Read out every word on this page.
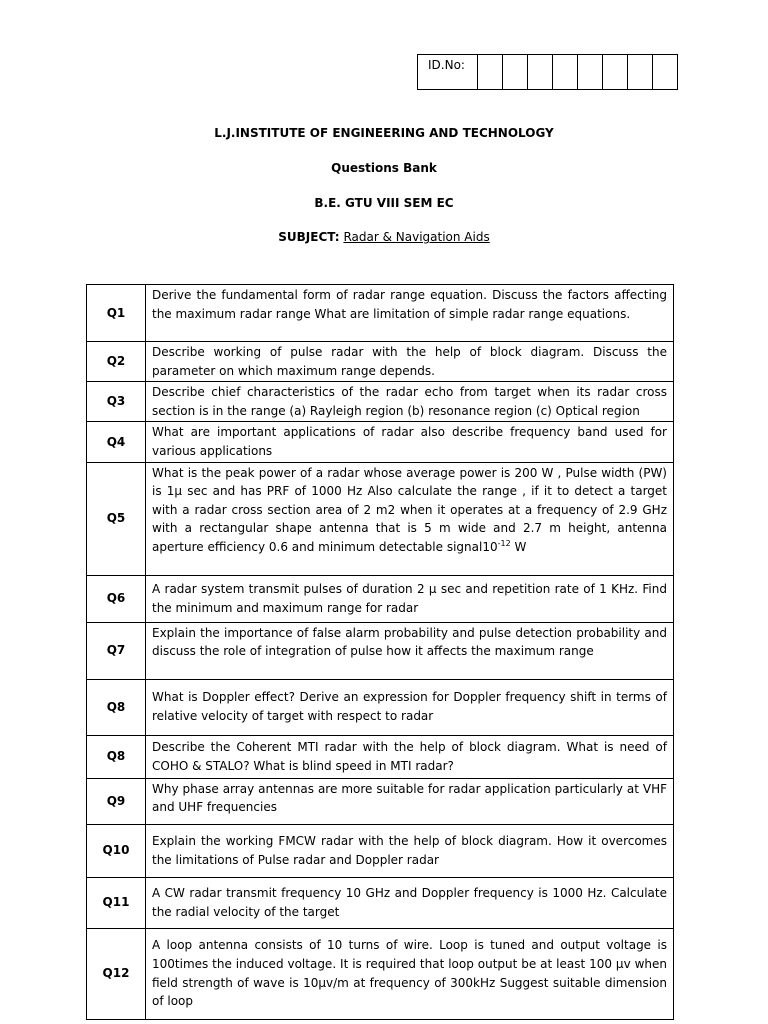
ID.No:								
L.J.INSTITUTE OF ENGINEERING AND TECHNOLOGY
Questions Bank
B.E. GTU VIII SEM EC
SUBJECT: Radar & Navigation Aids
Q1	Derive the fundamental form of radar range equation. Discuss the factors affecting the maximum radar range What are limitation of simple radar range equations.
Q2	Describe working of pulse radar with the help of block diagram. Discuss the parameter on which maximum range depends.
Q3	Describe chief characteristics of the radar echo from target when its radar cross section is in the range (a) Rayleigh region (b) resonance region (c) Optical region
Q4	What are important applications of radar also describe frequency band used for various applications
Q5	What is the peak power of a radar whose average power is 200 W , Pulse width (PW) is 1μ sec and has PRF of 1000 Hz Also calculate the range , if it to detect a target with a radar cross section area of 2 m2 when it operates at a frequency of 2.9 GHz with a rectangular shape antenna that is 5 m wide and 2.7 m height, antenna aperture efficiency 0.6 and minimum detectable $signal10^{-12}$ W
Q6	A radar system transmit pulses of duration 2 μ sec and repetition rate of 1 KHz. Find the minimum and maximum range for radar
Q7	Explain the importance of false alarm probability and pulse detection probability and discuss the role of integration of pulse how it affects the maximum range
Q8	What is Doppler effect? Derive an expression for Doppler frequency shift in terms of relative velocity of target with respect to radar
Q8	Describe the Coherent MTI radar with the help of block diagram. What is need of COHO & STALO? What is blind speed in MTI radar?
Q9	Why phase array antennas are more suitable for radar application particularly at VHF and UHF frequencies
Q10	Explain the working FMCW radar with the help of block diagram. How it overcomes the limitations of Pulse radar and Doppler radar
Q11	A CW radar transmit frequency 10 GHz and Doppler frequency is 1000 Hz. Calculate the radial velocity of the target
Q12	A loop antenna consists of 10 turns of wire. Loop is tuned and output voltage is 100times the induced voltage. It is required that loop output be at least 100 μv when field strength of wave is 10μv/m at frequency of 300kHz Suggest suitable dimension of loop
